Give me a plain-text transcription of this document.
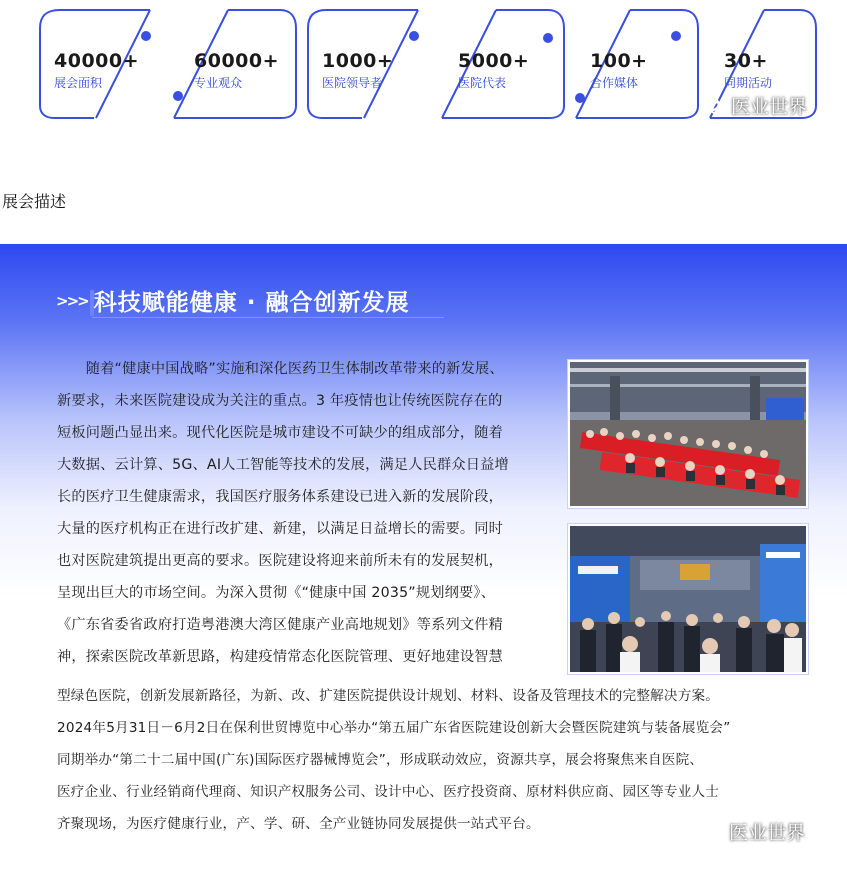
40000+
展会面积
60000+
专业观众
1000+
医院领导者
5000+
医院代表
100+
合作媒体
30+
同期活动
医业世界
展会描述
>>> 科技赋能健康 · 融合创新发展
　　随着“健康中国战略”实施和深化医药卫生体制改革带来的新发展、
新要求，未来医院建设成为关注的重点。3 年疫情也让传统医院存在的
短板问题凸显出来。现代化医院是城市建设不可缺少的组成部分，随着
大数据、云计算、5G、AI人工智能等技术的发展，满足人民群众日益增
长的医疗卫生健康需求，我国医疗服务体系建设已进入新的发展阶段，
大量的医疗机构正在进行改扩建、新建，以满足日益增长的需要。同时
也对医院建筑提出更高的要求。医院建设将迎来前所未有的发展契机，
呈现出巨大的市场空间。为深入贯彻《“健康中国 2035”规划纲要》、
《广东省委省政府打造粤港澳大湾区健康产业高地规划》等系列文件精
神，探索医院改革新思路，构建疫情常态化医院管理、更好地建设智慧
型绿色医院，创新发展新路径，为新、改、扩建医院提供设计规划、材料、设备及管理技术的完整解决方案。
2024年5月31日－6月2日在保利世贸博览中心举办“第五届广东省医院建设创新大会暨医院建筑与装备展览会”
同期举办“第二十二届中国(广东)国际医疗器械博览会”，形成联动效应，资源共享，展会将聚焦来自医院、
医疗企业、行业经销商代理商、知识产权服务公司、设计中心、医疗投资商、原材料供应商、园区等专业人士
齐聚现场，为医疗健康行业，产、学、研、全产业链协同发展提供一站式平台。	医业世界
